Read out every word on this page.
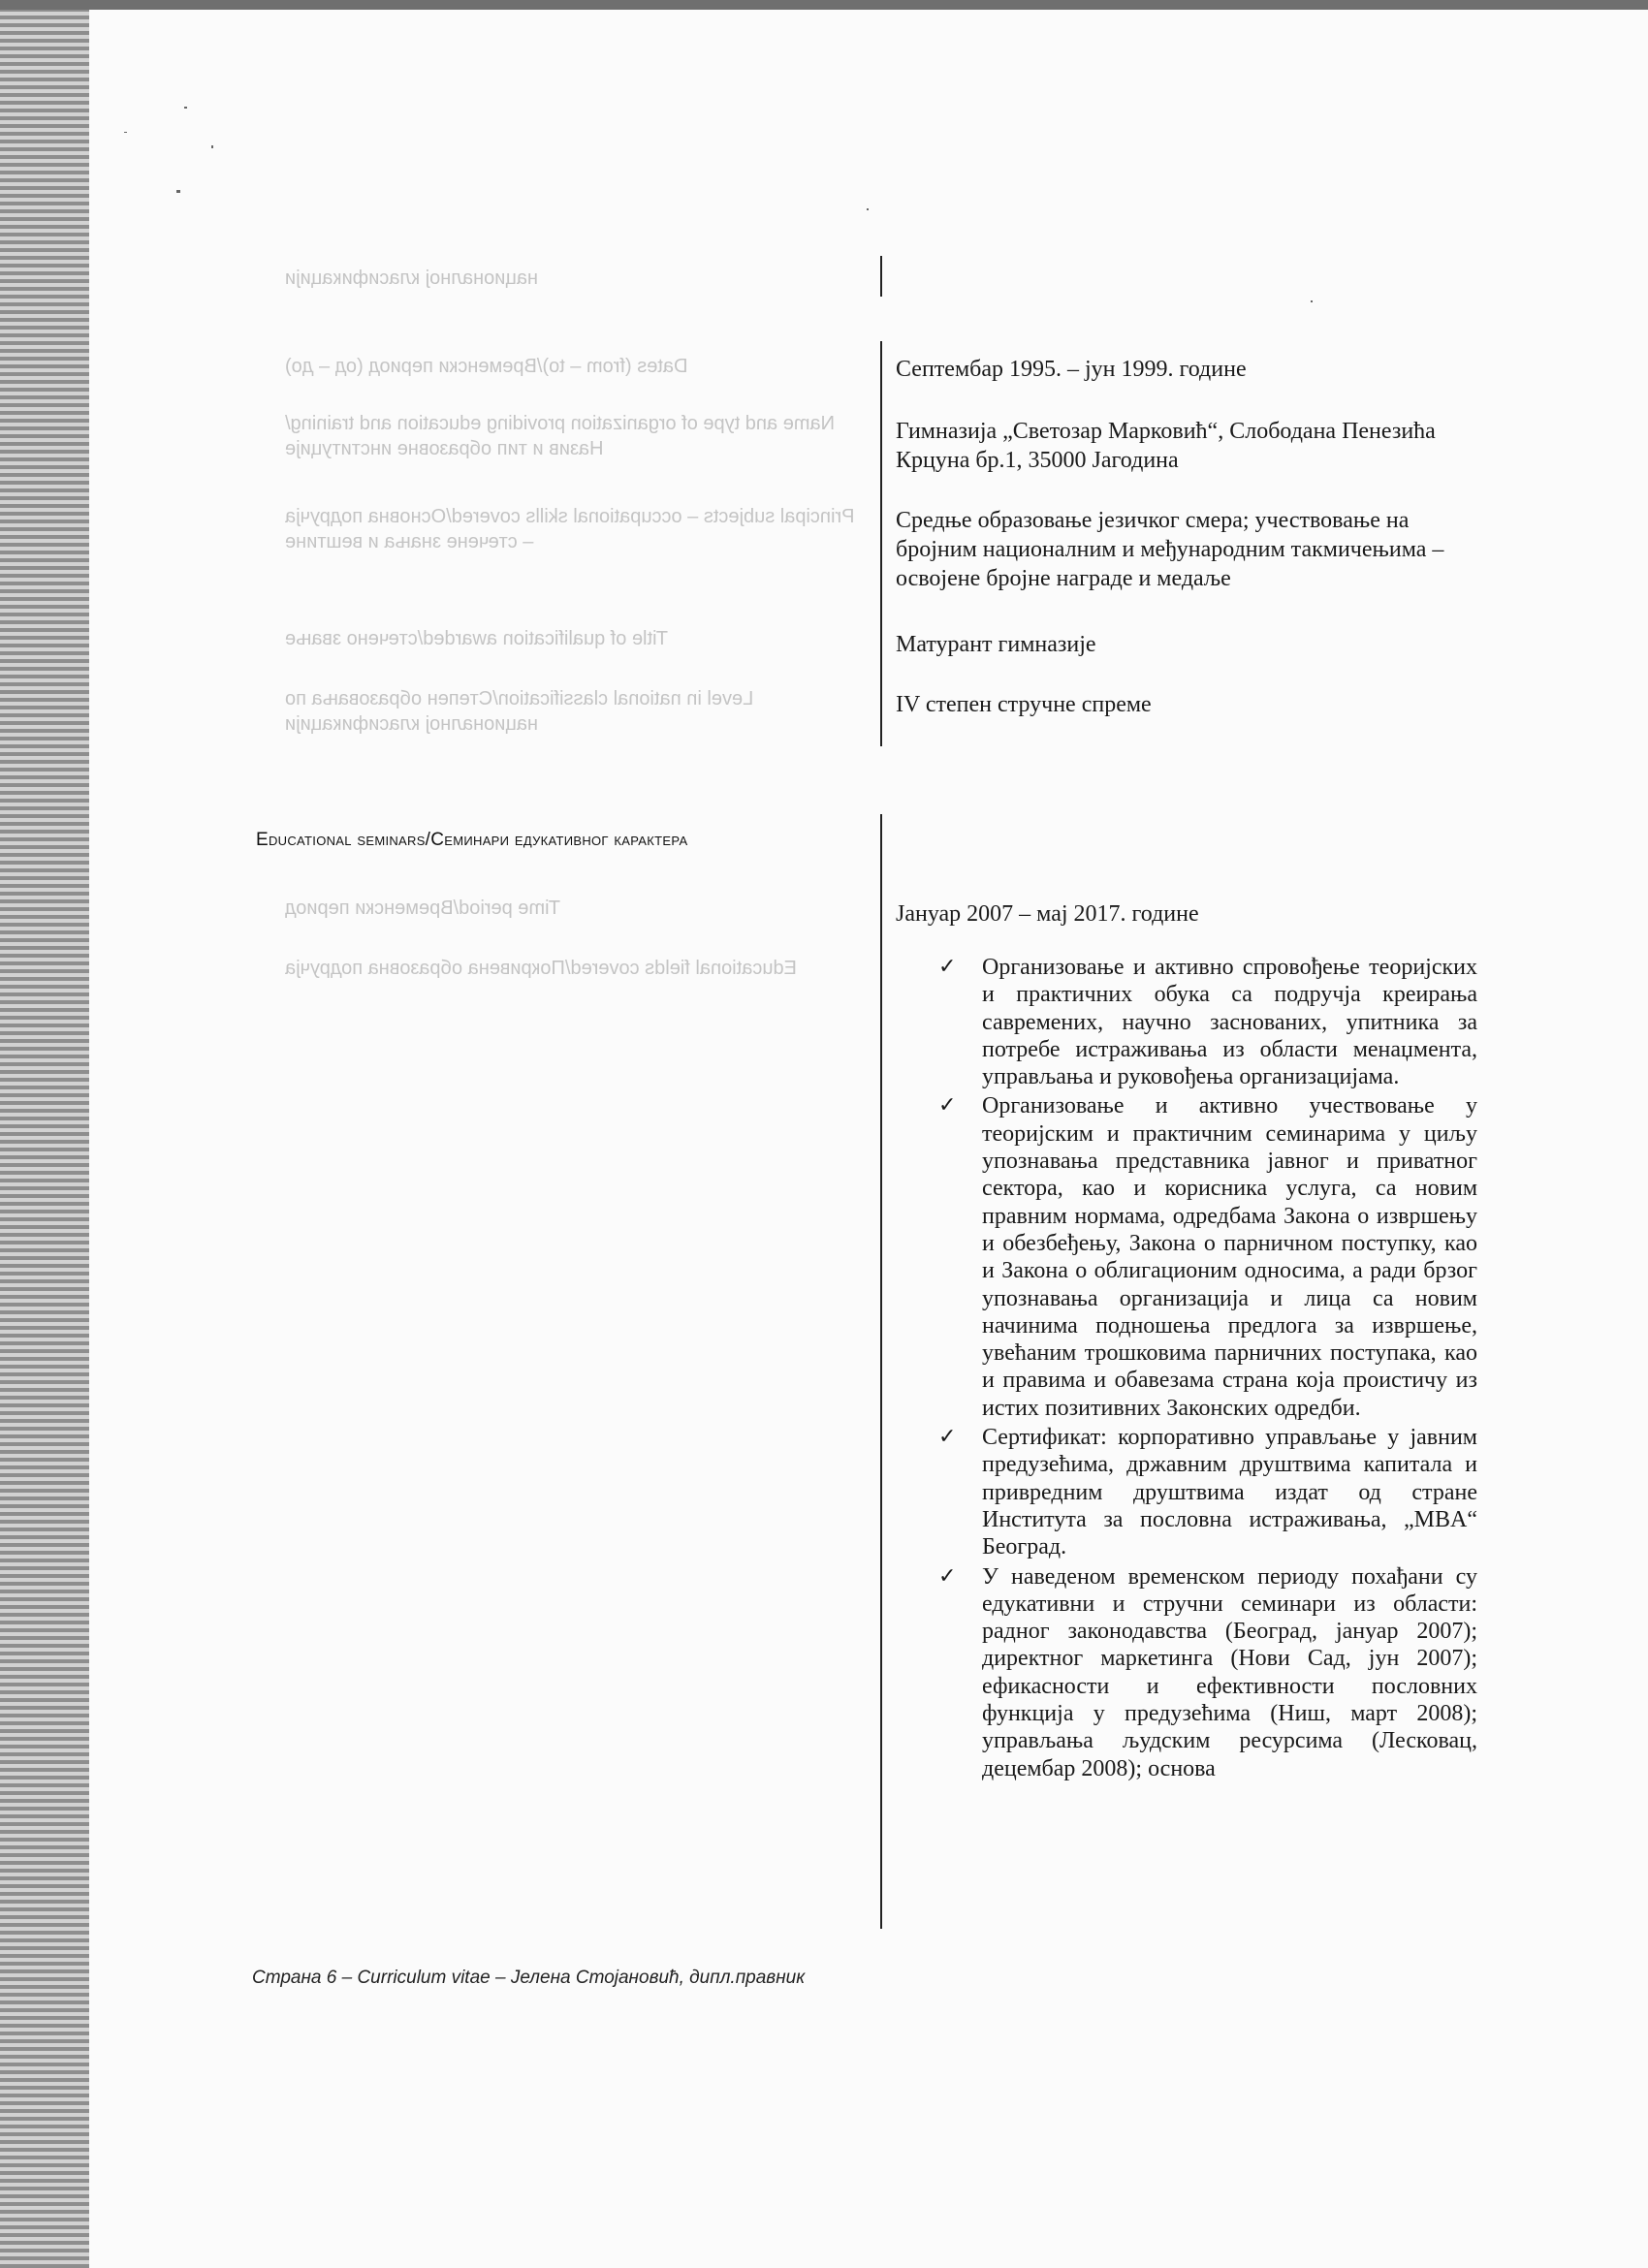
националној класификацији
Dates (from – to)/Временски период (од – до)
Name and type of organization providing education and training/Назив и тип образовне институције
Principal subjects – occupational skills covered/Основна подручја – стечене знања и вештине
Title of qualification awarded/стечено звање
Level in national classification/Степен образовања по националној класификацији
Time period/Временски период
Educational fields covered/Покривена образовна подручја
Септембар 1995. – јун 1999. године
Гимназија „Светозар Марковић“, Слободана Пенезића Крцуна бр.1, 35000 Јагодина
Средње образовање језичког смера; учествовање на бројним националним и међународним такмичењима – освојене бројне награде и медаље
Матурант гимназије
IV степен стручне спреме
Educational seminars/Семинари едукативног карактера
Јануар 2007 – мај 2017. године
✓ Организовање и активно спровођење теоријских и практичних обука са подручја креирања савремених, научно заснованих, упитника за потребе истраживања из области менаџмента, управљања и руковођења организацијама.
✓ Организовање и активно учествовање у теоријским и практичним семинарима у циљу упознавања представника јавног и приватног сектора, као и корисника услуга, са новим правним нормама, одредбама Закона о извршењу и обезбеђењу, Закона о парничном поступку, као и Закона о облигационим односима, а ради брзог упознавања организација и лица са новим начинима подношења предлога за извршење, увећаним трошковима парничних поступака, као и правима и обавезама страна која проистичу из истих позитивних Законских одредби.
✓ Сертификат: корпоративно управљање у јавним предузећима, државним друштвима капитала и привредним друштвима издат од стране Института за пословна истраживања, „MBA“ Београд.
✓ У наведеном временском периоду похађани су едукативни и стручни семинари из области: радног законодавства (Београд, јануар 2007); директног маркетинга (Нови Сад, јун 2007); ефикасности и ефективности пословних функција у предузећима (Ниш, март 2008); управљања људским ресурсима (Лесковац, децембар 2008); основа
Страна 6 – Curriculum vitae – Јелена Стојановић, дипл.правник
